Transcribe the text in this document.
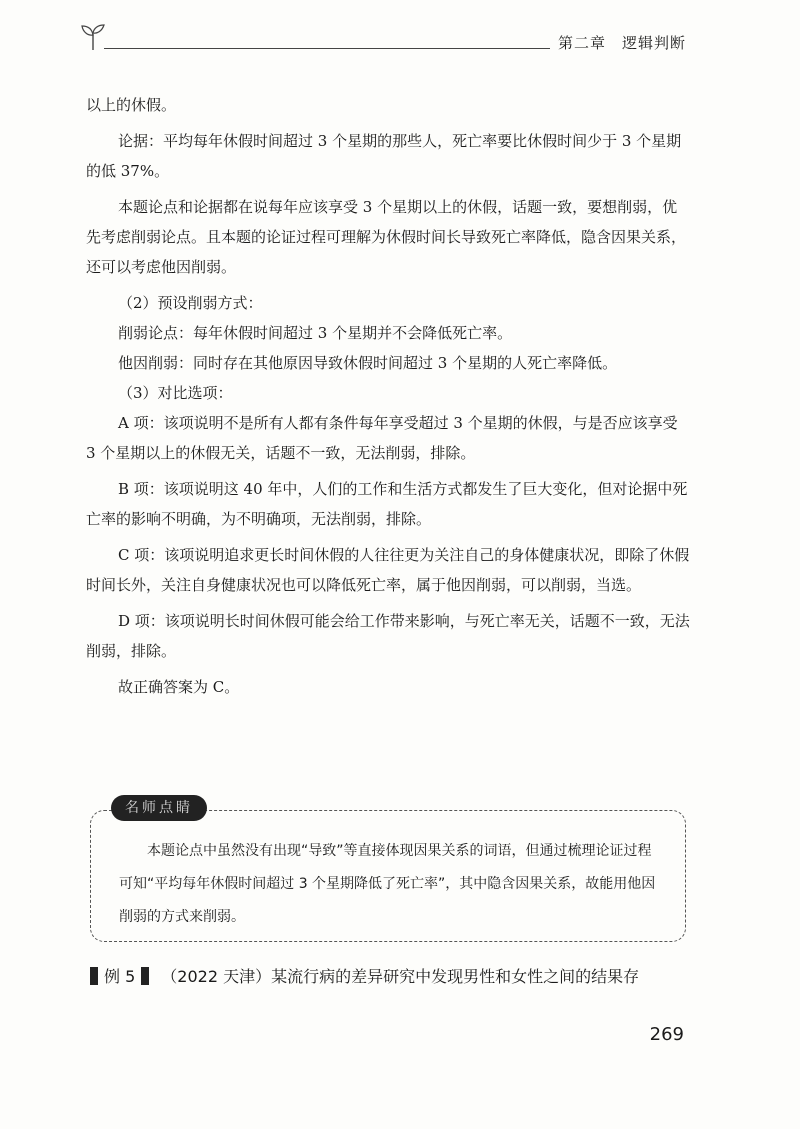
第二章 逻辑判断

以上的休假。

论据：平均每年休假时间超过 3 个星期的那些人，死亡率要比休假时间少于 3 个星期的低 37%。

本题论点和论据都在说每年应该享受 3 个星期以上的休假，话题一致，要想削弱，优先考虑削弱论点。且本题的论证过程可理解为休假时间长导致死亡率降低，隐含因果关系，还可以考虑他因削弱。

（2）预设削弱方式：

削弱论点：每年休假时间超过 3 个星期并不会降低死亡率。

他因削弱：同时存在其他原因导致休假时间超过 3 个星期的人死亡率降低。

（3）对比选项：

A 项：该项说明不是所有人都有条件每年享受超过 3 个星期的休假，与是否应该享受 3 个星期以上的休假无关，话题不一致，无法削弱，排除。

B 项：该项说明这 40 年中，人们的工作和生活方式都发生了巨大变化，但对论据中死亡率的影响不明确，为不明确项，无法削弱，排除。

C 项：该项说明追求更长时间休假的人往往更为关注自己的身体健康状况，即除了休假时间长外，关注自身健康状况也可以降低死亡率，属于他因削弱，可以削弱，当选。

D 项：该项说明长时间休假可能会给工作带来影响，与死亡率无关，话题不一致，无法削弱，排除。

故正确答案为 C。

名师点睛
本题论点中虽然没有出现“导致”等直接体现因果关系的词语，但通过梳理论证过程可知“平均每年休假时间超过 3 个星期降低了死亡率”，其中隐含因果关系，故能用他因削弱的方式来削弱。
例 5 （2022 天津）某流行病的差异研究中发现男性和女性之间的结果存
269
